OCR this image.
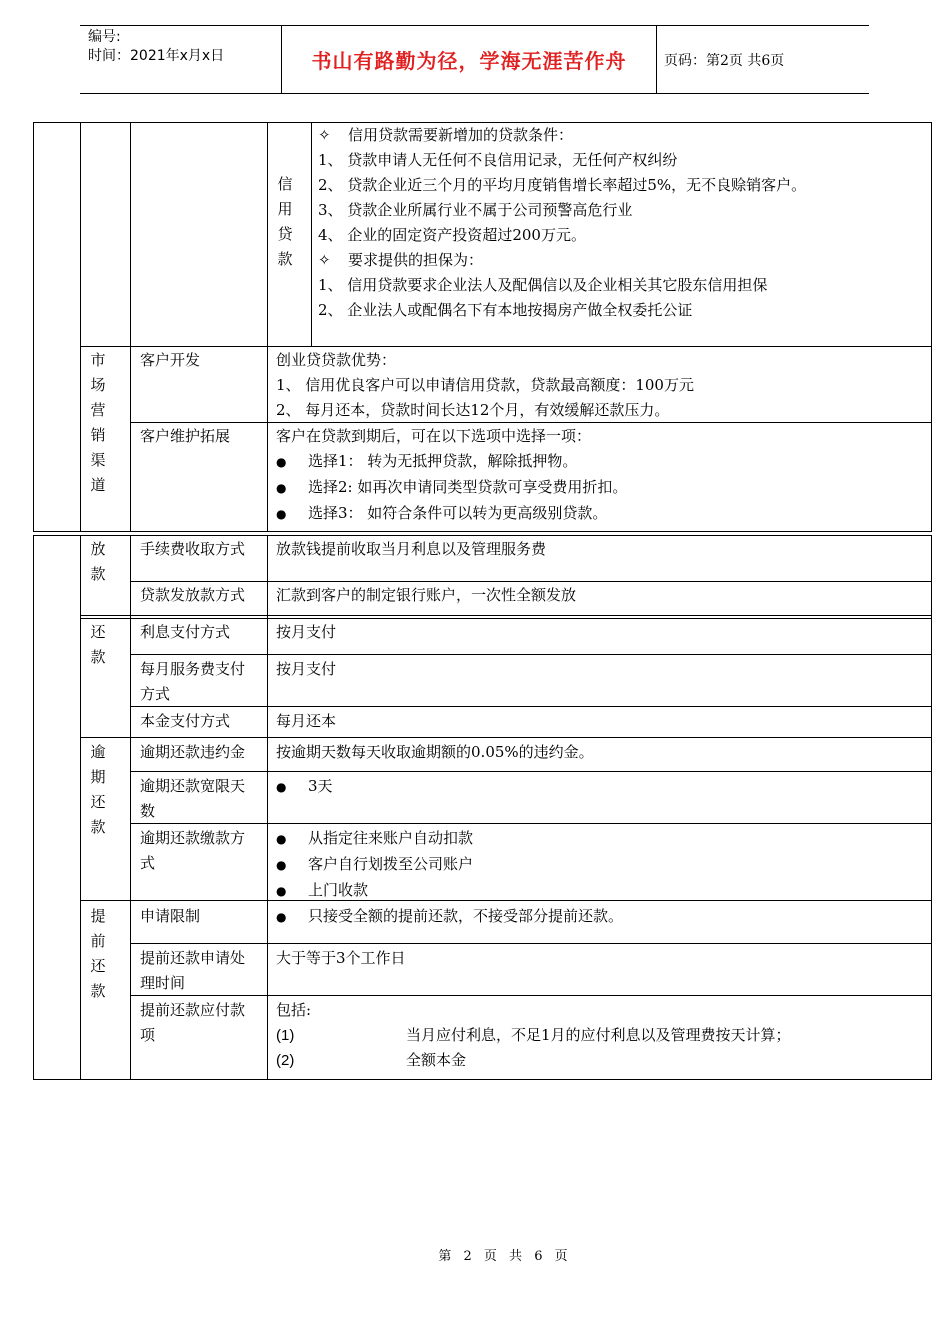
编号:
时间：2021年x月x日	书山有路勤为径，学海无涯苦作舟	页码：第2页 共6页
信
用
贷
款
✧ 信用贷款需要新增加的贷款条件：
1、 贷款申请人无任何不良信用记录，无任何产权纠纷
2、 贷款企业近三个月的平均月度销售增长率超过5%，无不良赊销客户。
3、 贷款企业所属行业不属于公司预警高危行业
4、 企业的固定资产投资超过200万元。
✧ 要求提供的担保为：
1、 信用贷款要求企业法人及配偶信以及企业相关其它股东信用担保
2、 企业法人或配偶名下有本地按揭房产做全权委托公证
市
场
营
销
渠
道
客户开发	创业贷贷款优势：
1、 信用优良客户可以申请信用贷款，贷款最高额度：100万元
2、 每月还本，贷款时间长达12个月，有效缓解还款压力。
客户维护拓展	客户在贷款到期后，可在以下选项中选择一项：
● 选择1： 转为无抵押贷款，解除抵押物。
● 选择2: 如再次申请同类型贷款可享受费用折扣。
● 选择3： 如符合条件可以转为更高级别贷款。
放
款
手续费收取方式 放款钱提前收取当月利息以及管理服务费
贷款发放款方式 汇款到客户的制定银行账户，一次性全额发放
还
款
利息支付方式	按月支付
每月服务费支付
方式
按月支付
本金支付方式	每月还本
逾
期
还
款
逾期还款违约金 按逾期天数每天收取逾期额的0.05%的违约金。
逾期还款宽限天
数
● 3天
逾期还款缴款方
式
● 从指定往来账户自动扣款
● 客户自行划拨至公司账户
● 上门收款
提
前
还
款
申请限制
●	只接受全额的提前还款，不接受部分提前还款。
提前还款申请处
理时间
大于等于3个工作日
提前还款应付款
项
包括:
(1)	当月应付利息，不足1月的应付利息以及管理费按天计算；
(2)	全额本金
第 2 页 共 6 页
